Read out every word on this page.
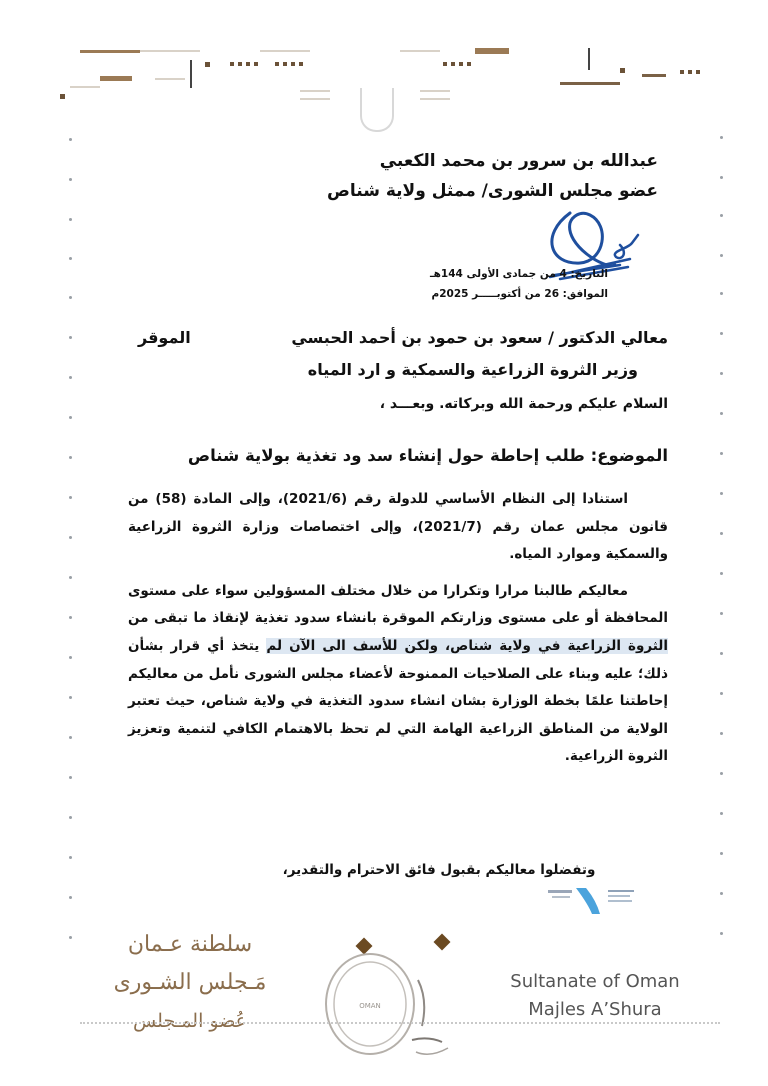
عبدالله بن سرور بن محمد الكعبي
عضو مجلس الشورى/ ممثل ولاية شناص
التاريخ: 4 من جمادى الأولى 144هـ
الموافق: 26 من أكتوبـــــر 2025م
الموقر	معالي الدكتور / سعود بن حمود بن أحمد الحبسي
وزير الثروة الزراعية والسمكية و ارد المياه
السلام عليكم ورحمة الله وبركاته. وبعـــد ،
الموضوع: طلب إحاطة حول إنشاء سد ود تغذية بولاية شناص

استنادا إلى النظام الأساسي للدولة رقم (2021/6)، وإلى المادة (58) من قانون مجلس عمان رقم (2021/7)، وإلى اختصاصات وزارة الثروة الزراعية والسمكية وموارد المياه.

معاليكم طالبنا مرارا وتكرارا من خلال مختلف المسؤولين سواء على مستوى المحافظة أو على مستوى وزارتكم الموقرة بانشاء سدود تغذية لإنقاذ ما تبقى من الثروة الزراعية في ولاية شناص، ولكن للأسف الى الآن لم يتخذ أي قرار بشأن ذلك؛ عليه وبناء على الصلاحيات الممنوحة لأعضاء مجلس الشورى نأمل من معاليكم إحاطتنا علمًا بخطة الوزارة بشان انشاء سدود التغذية في ولاية شناص، حيث تعتبر الولاية من المناطق الزراعية الهامة التي لم تحظ بالاهتمام الكافي لتنمية وتعزيز الثروة الزراعية.

وتفضلوا معاليكم بقبول فائق الاحترام والتقدير،
سلطنة عـمان
مَـجلس الشـورى
عُضو المـجلس
OMAN
Sultanate of Oman
Majles A’Shura
